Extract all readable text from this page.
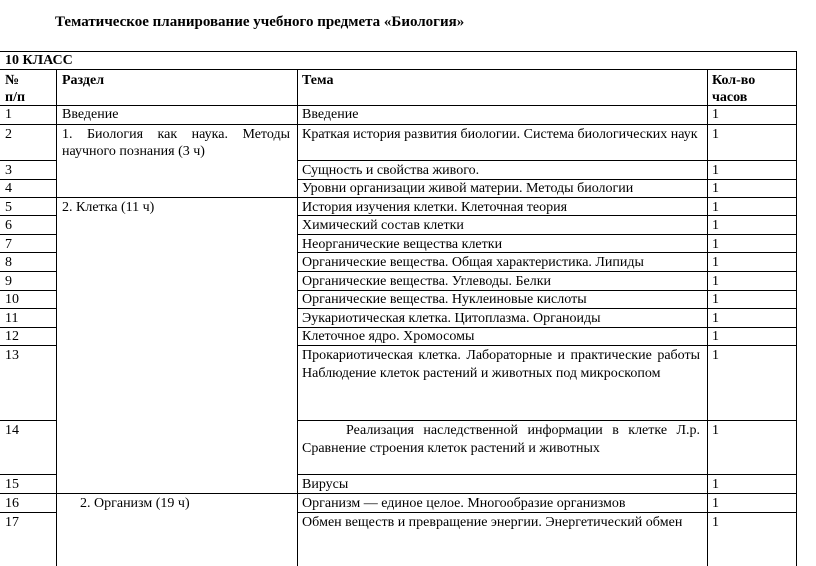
Тематическое планирование учебного предмета «Биология»
10 КЛАСС
№
п/п
Раздел	Тема	Кол-во
часов
Введение
1. Биология как наука. Методы научного познания (3 ч)
2. Клетка (11 ч)
2. Организм (19 ч)
1
2
3
4
5
6
7
8
9
10
11
12
13
14
15
16
17
Введение
Краткая история развития биологии. Система биологических наук
Сущность и свойства живого.
Уровни организации живой материи. Методы биологии
История изучения клетки. Клеточная теория
Химический состав клетки
Неорганические вещества клетки
Органические вещества. Общая характеристика. Липиды
Органические вещества. Углеводы. Белки
Органические вещества. Нуклеиновые кислоты
Эукариотическая клетка. Цитоплазма. Органоиды
Клеточное ядро. Хромосомы
Прокариотическая клетка. Лабораторные и практические работы Наблюдение клеток растений и животных под микроскопом
Реализация наследственной информации в клетке Л.р. Сравнение строения клеток растений и животных
Вирусы
Организм — единое целое. Многообразие организмов
Обмен веществ и превращение энергии. Энергетический обмен
1
1
1
1
1
1
1
1
1
1
1
1
1
1
1
1
1
